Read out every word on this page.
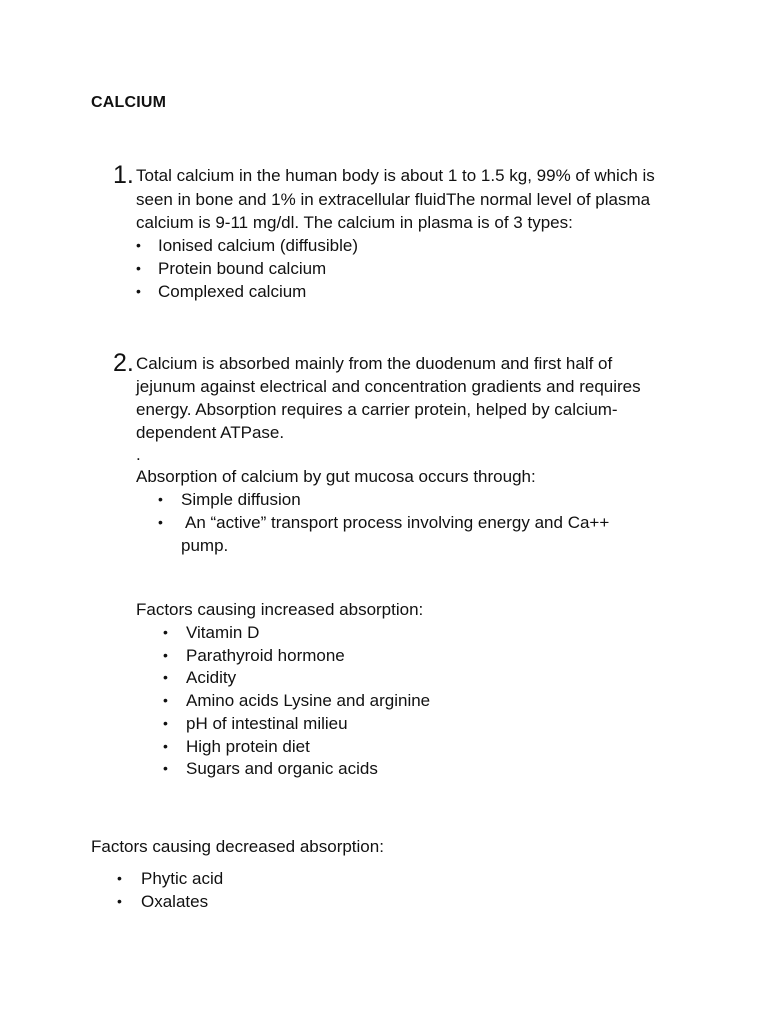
CALCIUM
1. Total calcium in the human body is about 1 to 1.5 kg, 99% of which is
seen in bone and 1% in extracellular fluidThe normal level of plasma
calcium is 9-11 mg/dl. The calcium in plasma is of 3 types:
• Ionised calcium (diffusible)
• Protein bound calcium
• Complexed calcium
2. Calcium is absorbed mainly from the duodenum and first half of
jejunum against electrical and concentration gradients and requires
energy. Absorption requires a carrier protein, helped by calcium-
dependent ATPase.
.
Absorption of calcium by gut mucosa occurs through:
• Simple diffusion
• An “active” transport process involving energy and Ca++
pump.
Factors causing increased absorption:
• Vitamin D
• Parathyroid hormone
• Acidity
• Amino acids Lysine and arginine
• pH of intestinal milieu
• High protein diet
• Sugars and organic acids
Factors causing decreased absorption:
• Phytic acid
• Oxalates
